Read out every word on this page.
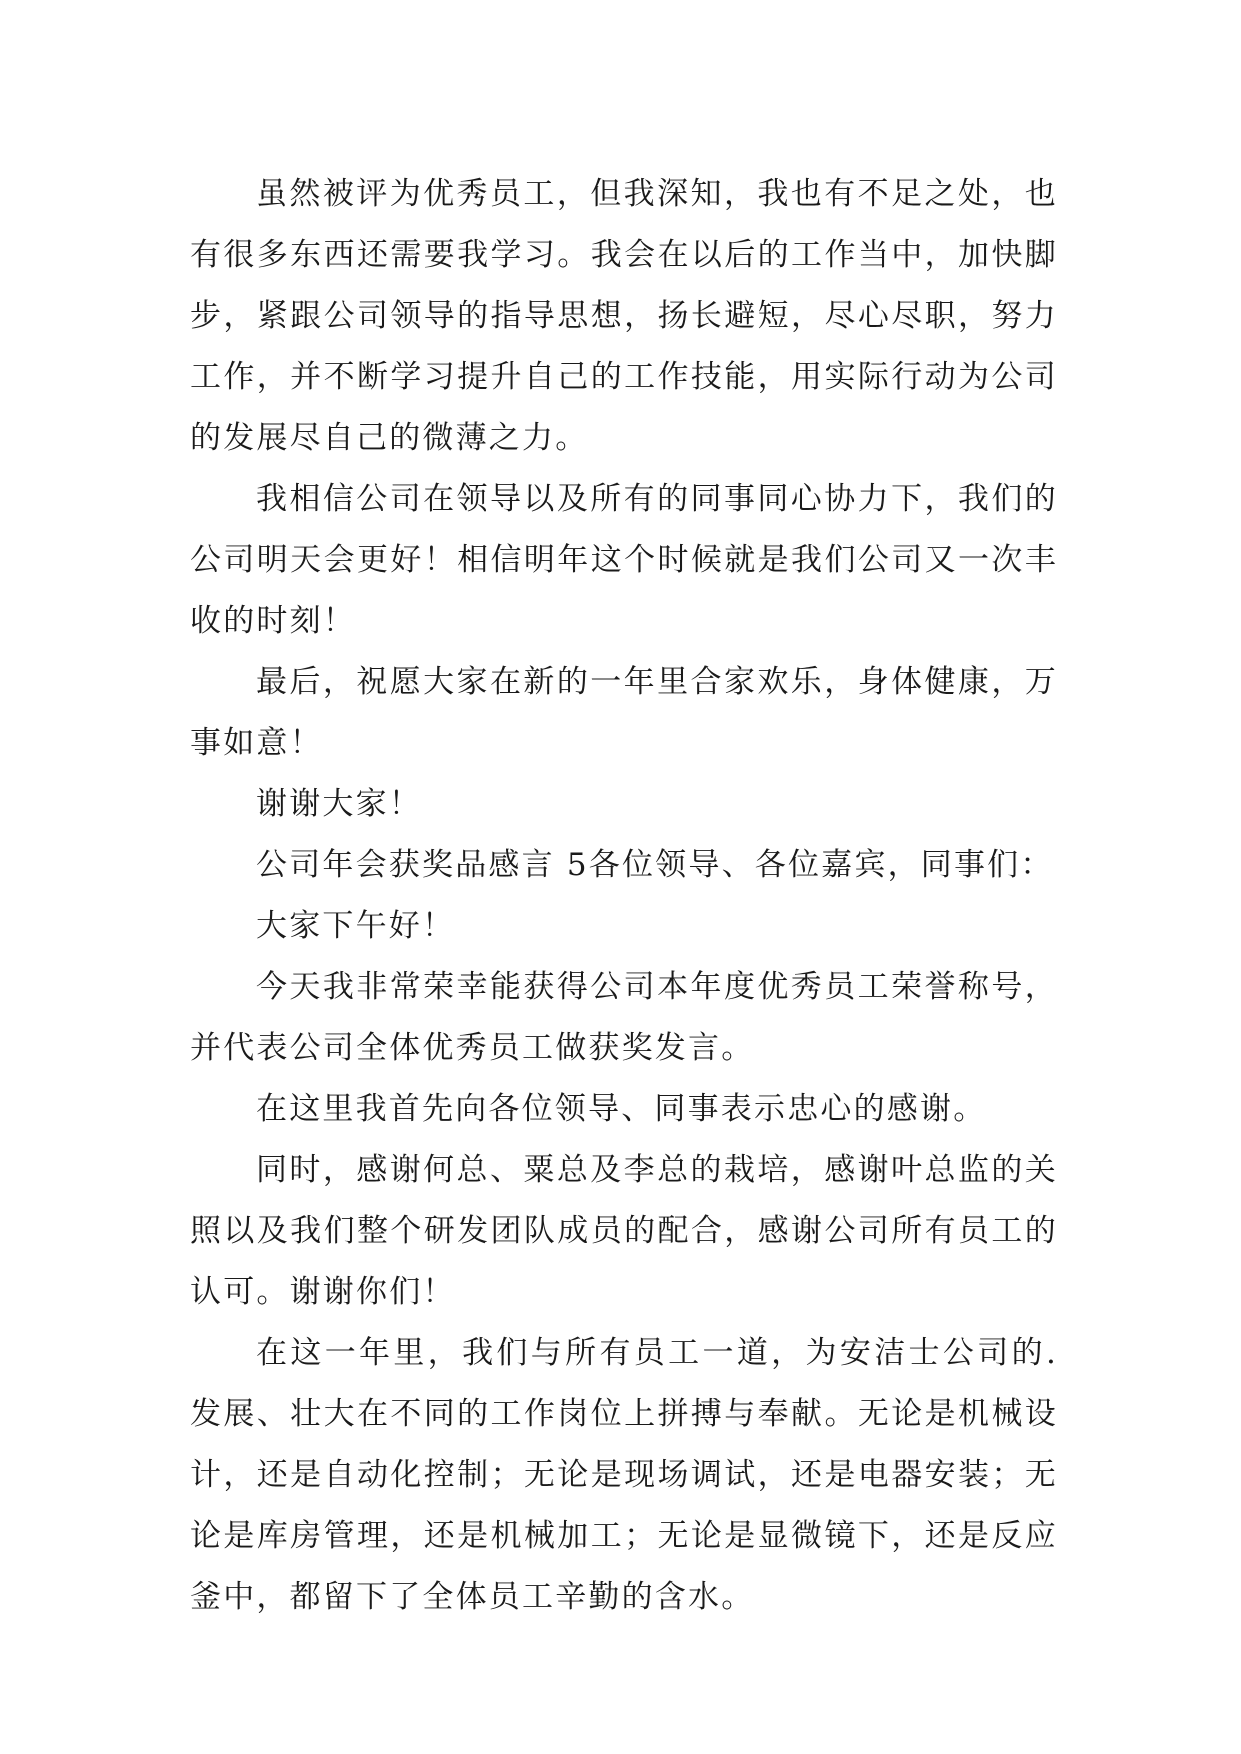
虽然被评为优秀员工，但我深知，我也有不足之处，也有很多东西还需要我学习。我会在以后的工作当中，加快脚步，紧跟公司领导的指导思想，扬长避短，尽心尽职，努力工作，并不断学习提升自己的工作技能，用实际行动为公司的发展尽自己的微薄之力。

我相信公司在领导以及所有的同事同心协力下，我们的公司明天会更好！相信明年这个时候就是我们公司又一次丰收的时刻！

最后，祝愿大家在新的一年里合家欢乐，身体健康，万事如意！

谢谢大家！

公司年会获奖品感言 5各位领导、各位嘉宾，同事们：

大家下午好！

今天我非常荣幸能获得公司本年度优秀员工荣誉称号，并代表公司全体优秀员工做获奖发言。

在这里我首先向各位领导、同事表示忠心的感谢。

同时，感谢何总、粟总及李总的栽培，感谢叶总监的关照以及我们整个研发团队成员的配合，感谢公司所有员工的认可。谢谢你们！

在这一年里，我们与所有员工一道，为安洁士公司的.发展、壮大在不同的工作岗位上拼搏与奉献。无论是机械设计，还是自动化控制；无论是现场调试，还是电器安装；无论是库房管理，还是机械加工；无论是显微镜下，还是反应釜中，都留下了全体员工辛勤的含水。
